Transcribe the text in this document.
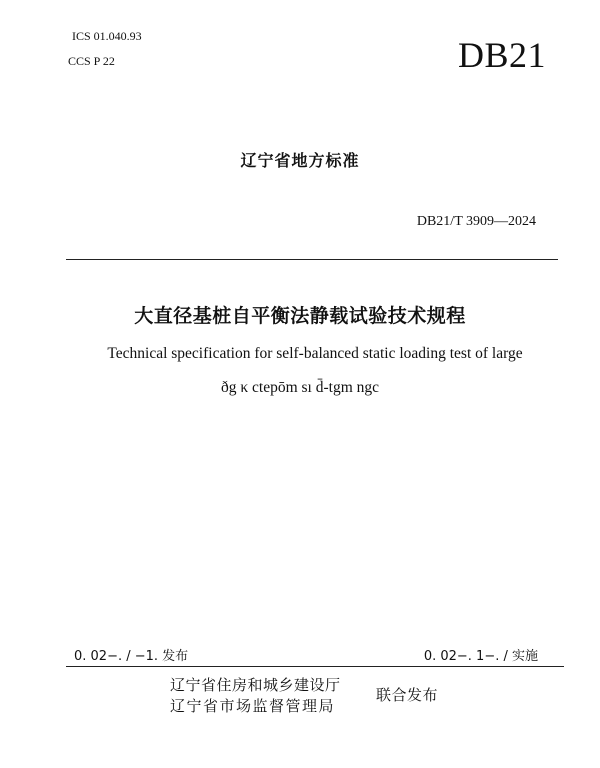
ICS 01.040.93
CCS P 22	DB21
辽宁省地方标准
DB21/T 3909—2024
大直径基桩自平衡法静载试验技术规程
Technical specification for self-balanced static loading test of large
ðg κ ctepōm sı d̄-tgm ngc
0. 02−. / −1. 发布	0. 02−. 1−. / 实施
辽宁省住房和城乡建设厅
辽宁省市场监督管理局
联合发布
